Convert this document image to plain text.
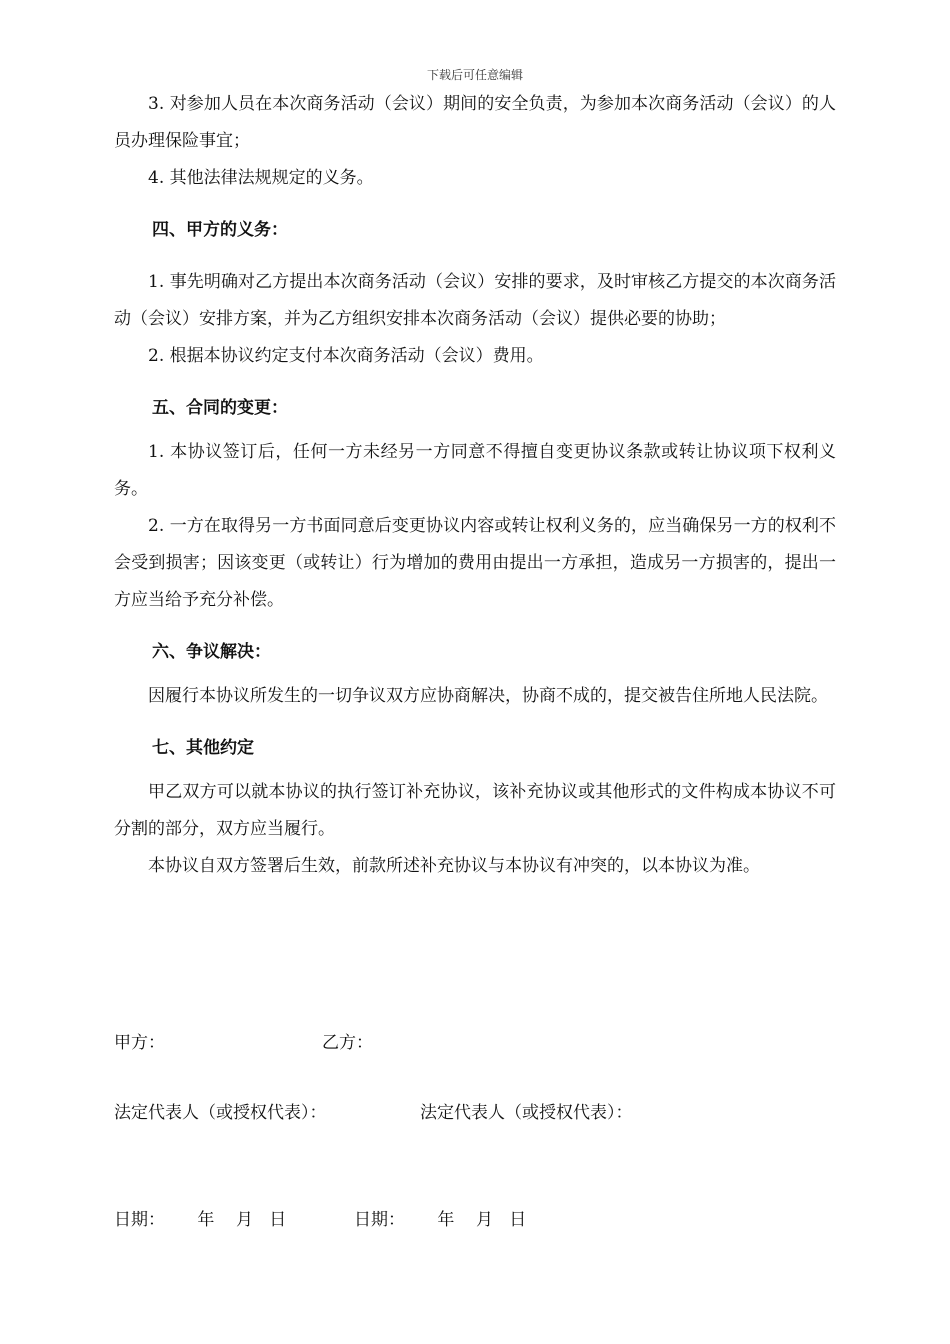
下载后可任意编辑

3. 对参加人员在本次商务活动（会议）期间的安全负责，为参加本次商务活动（会议）的人员办理保险事宜；

4. 其他法律法规规定的义务。

四、甲方的义务：

1. 事先明确对乙方提出本次商务活动（会议）安排的要求，及时审核乙方提交的本次商务活动（会议）安排方案，并为乙方组织安排本次商务活动（会议）提供必要的协助；

2. 根据本协议约定支付本次商务活动（会议）费用。

五、合同的变更：

1. 本协议签订后，任何一方未经另一方同意不得擅自变更协议条款或转让协议项下权利义务。

2. 一方在取得另一方书面同意后变更协议内容或转让权利义务的，应当确保另一方的权利不会受到损害；因该变更（或转让）行为增加的费用由提出一方承担，造成另一方损害的，提出一方应当给予充分补偿。

六、争议解决：

因履行本协议所发生的一切争议双方应协商解决，协商不成的，提交被告住所地人民法院。

七、其他约定

甲乙双方可以就本协议的执行签订补充协议，该补充协议或其他形式的文件构成本协议不可分割的部分，双方应当履行。

本协议自双方签署后生效，前款所述补充协议与本协议有冲突的，以本协议为准。

甲方：	乙方：
法定代表人（或授权代表）：	法定代表人（或授权代表）：
日期：      年    月   日	日期：      年    月   日
